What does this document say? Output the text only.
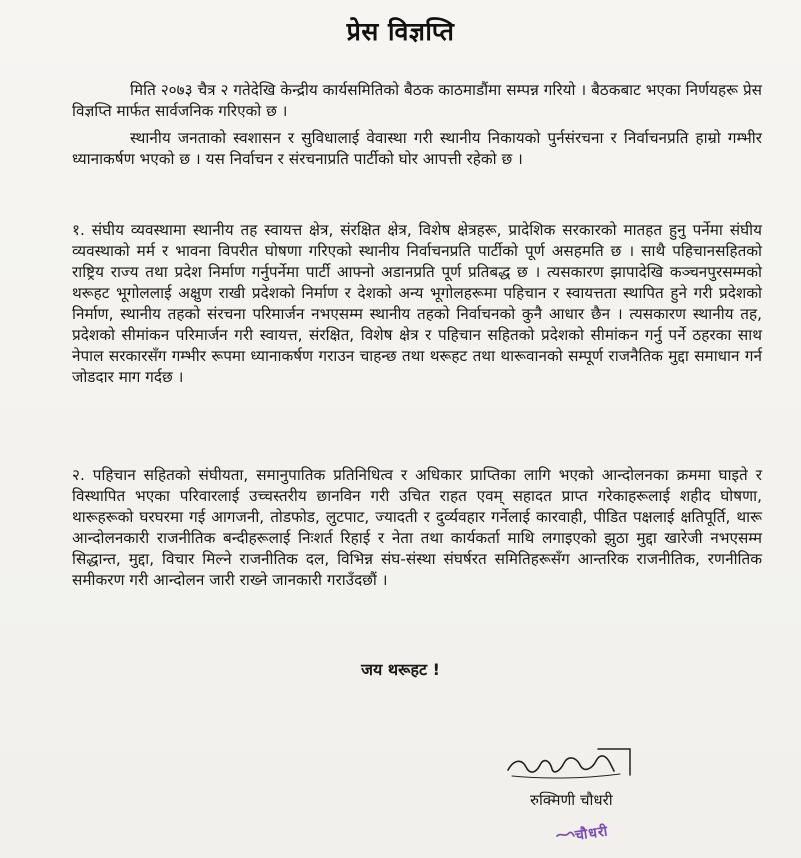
प्रेस विज्ञप्ति

मिति २०७३ चैत्र २ गतेदेखि केन्द्रीय कार्यसमितिको बैठक काठमाडौंमा सम्पन्न गरियो । बैठकबाट भएका निर्णयहरू प्रेस विज्ञप्ति मार्फत सार्वजनिक गरिएको छ ।

स्थानीय जनताको स्वशासन र सुविधालाई वेवास्था गरी स्थानीय निकायको पुर्नसंरचना र निर्वाचनप्रति हाम्रो गम्भीर ध्यानाकर्षण भएको छ । यस निर्वाचन र संरचनाप्रति पार्टीको घोर आपत्ती रहेको छ ।

१. संघीय व्यवस्थामा स्थानीय तह स्वायत्त क्षेत्र, संरक्षित क्षेत्र, विशेष क्षेत्रहरू, प्रादेशिक सरकारको मातहत हुनु पर्नेमा संघीय व्यवस्थाको मर्म र भावना विपरीत घोषणा गरिएको स्थानीय निर्वाचनप्रति पार्टीको पूर्ण असहमति छ । साथै पहिचानसहितको राष्ट्रिय राज्य तथा प्रदेश निर्माण गर्नुपर्नेमा पार्टी आफ्नो अडानप्रति पूर्ण प्रतिबद्ध छ । त्यसकारण झापादेखि कञ्चनपुरसम्मको थरूहट भूगोललाई अक्षुण राखी प्रदेशको निर्माण र देशको अन्य भूगोलहरूमा पहिचान र स्वायत्तता स्थापित हुने गरी प्रदेशको निर्माण, स्थानीय तहको संरचना परिमार्जन नभएसम्म स्थानीय तहको निर्वाचनको कुनै आधार छैन । त्यसकारण स्थानीय तह, प्रदेशको सीमांकन परिमार्जन गरी स्वायत्त, संरक्षित, विशेष क्षेत्र र पहिचान सहितको प्रदेशको सीमांकन गर्नु पर्ने ठहरका साथ नेपाल सरकारसँग गम्भीर रूपमा ध्यानाकर्षण गराउन चाहन्छ तथा थरूहट तथा थारूवानको सम्पूर्ण राजनैतिक मुद्दा समाधान गर्न जोडदार माग गर्दछ ।

२. पहिचान सहितको संघीयता, समानुपातिक प्रतिनिधित्व र अधिकार प्राप्तिका लागि भएको आन्दोलनका क्रममा घाइते र विस्थापित भएका परिवारलाई उच्चस्तरीय छानविन गरी उचित राहत एवम् सहादत प्राप्त गरेकाहरूलाई शहीद घोषणा, थारूहरूको घरघरमा गई आगजनी, तोडफोड, लुटपाट, ज्यादती र दुर्व्यवहार गर्नेलाई कारवाही, पीडित पक्षलाई क्षतिपूर्ति, थारू आन्दोलनकारी राजनीतिक बन्दीहरूलाई निःशर्त रिहाई र नेता तथा कार्यकर्ता माथि लगाइएको झुठा मुद्दा खारेजी नभएसम्म सिद्धान्त, मुद्दा, विचार मिल्ने राजनीतिक दल, विभिन्न संघ-संस्था संघर्षरत समितिहरूसँग आन्तरिक राजनीतिक, रणनीतिक समीकरण गरी आन्दोलन जारी राख्ने जानकारी गराउँदछौं ।

जय थरूहट !
रुक्मिणी चौधरी
चौधरी
